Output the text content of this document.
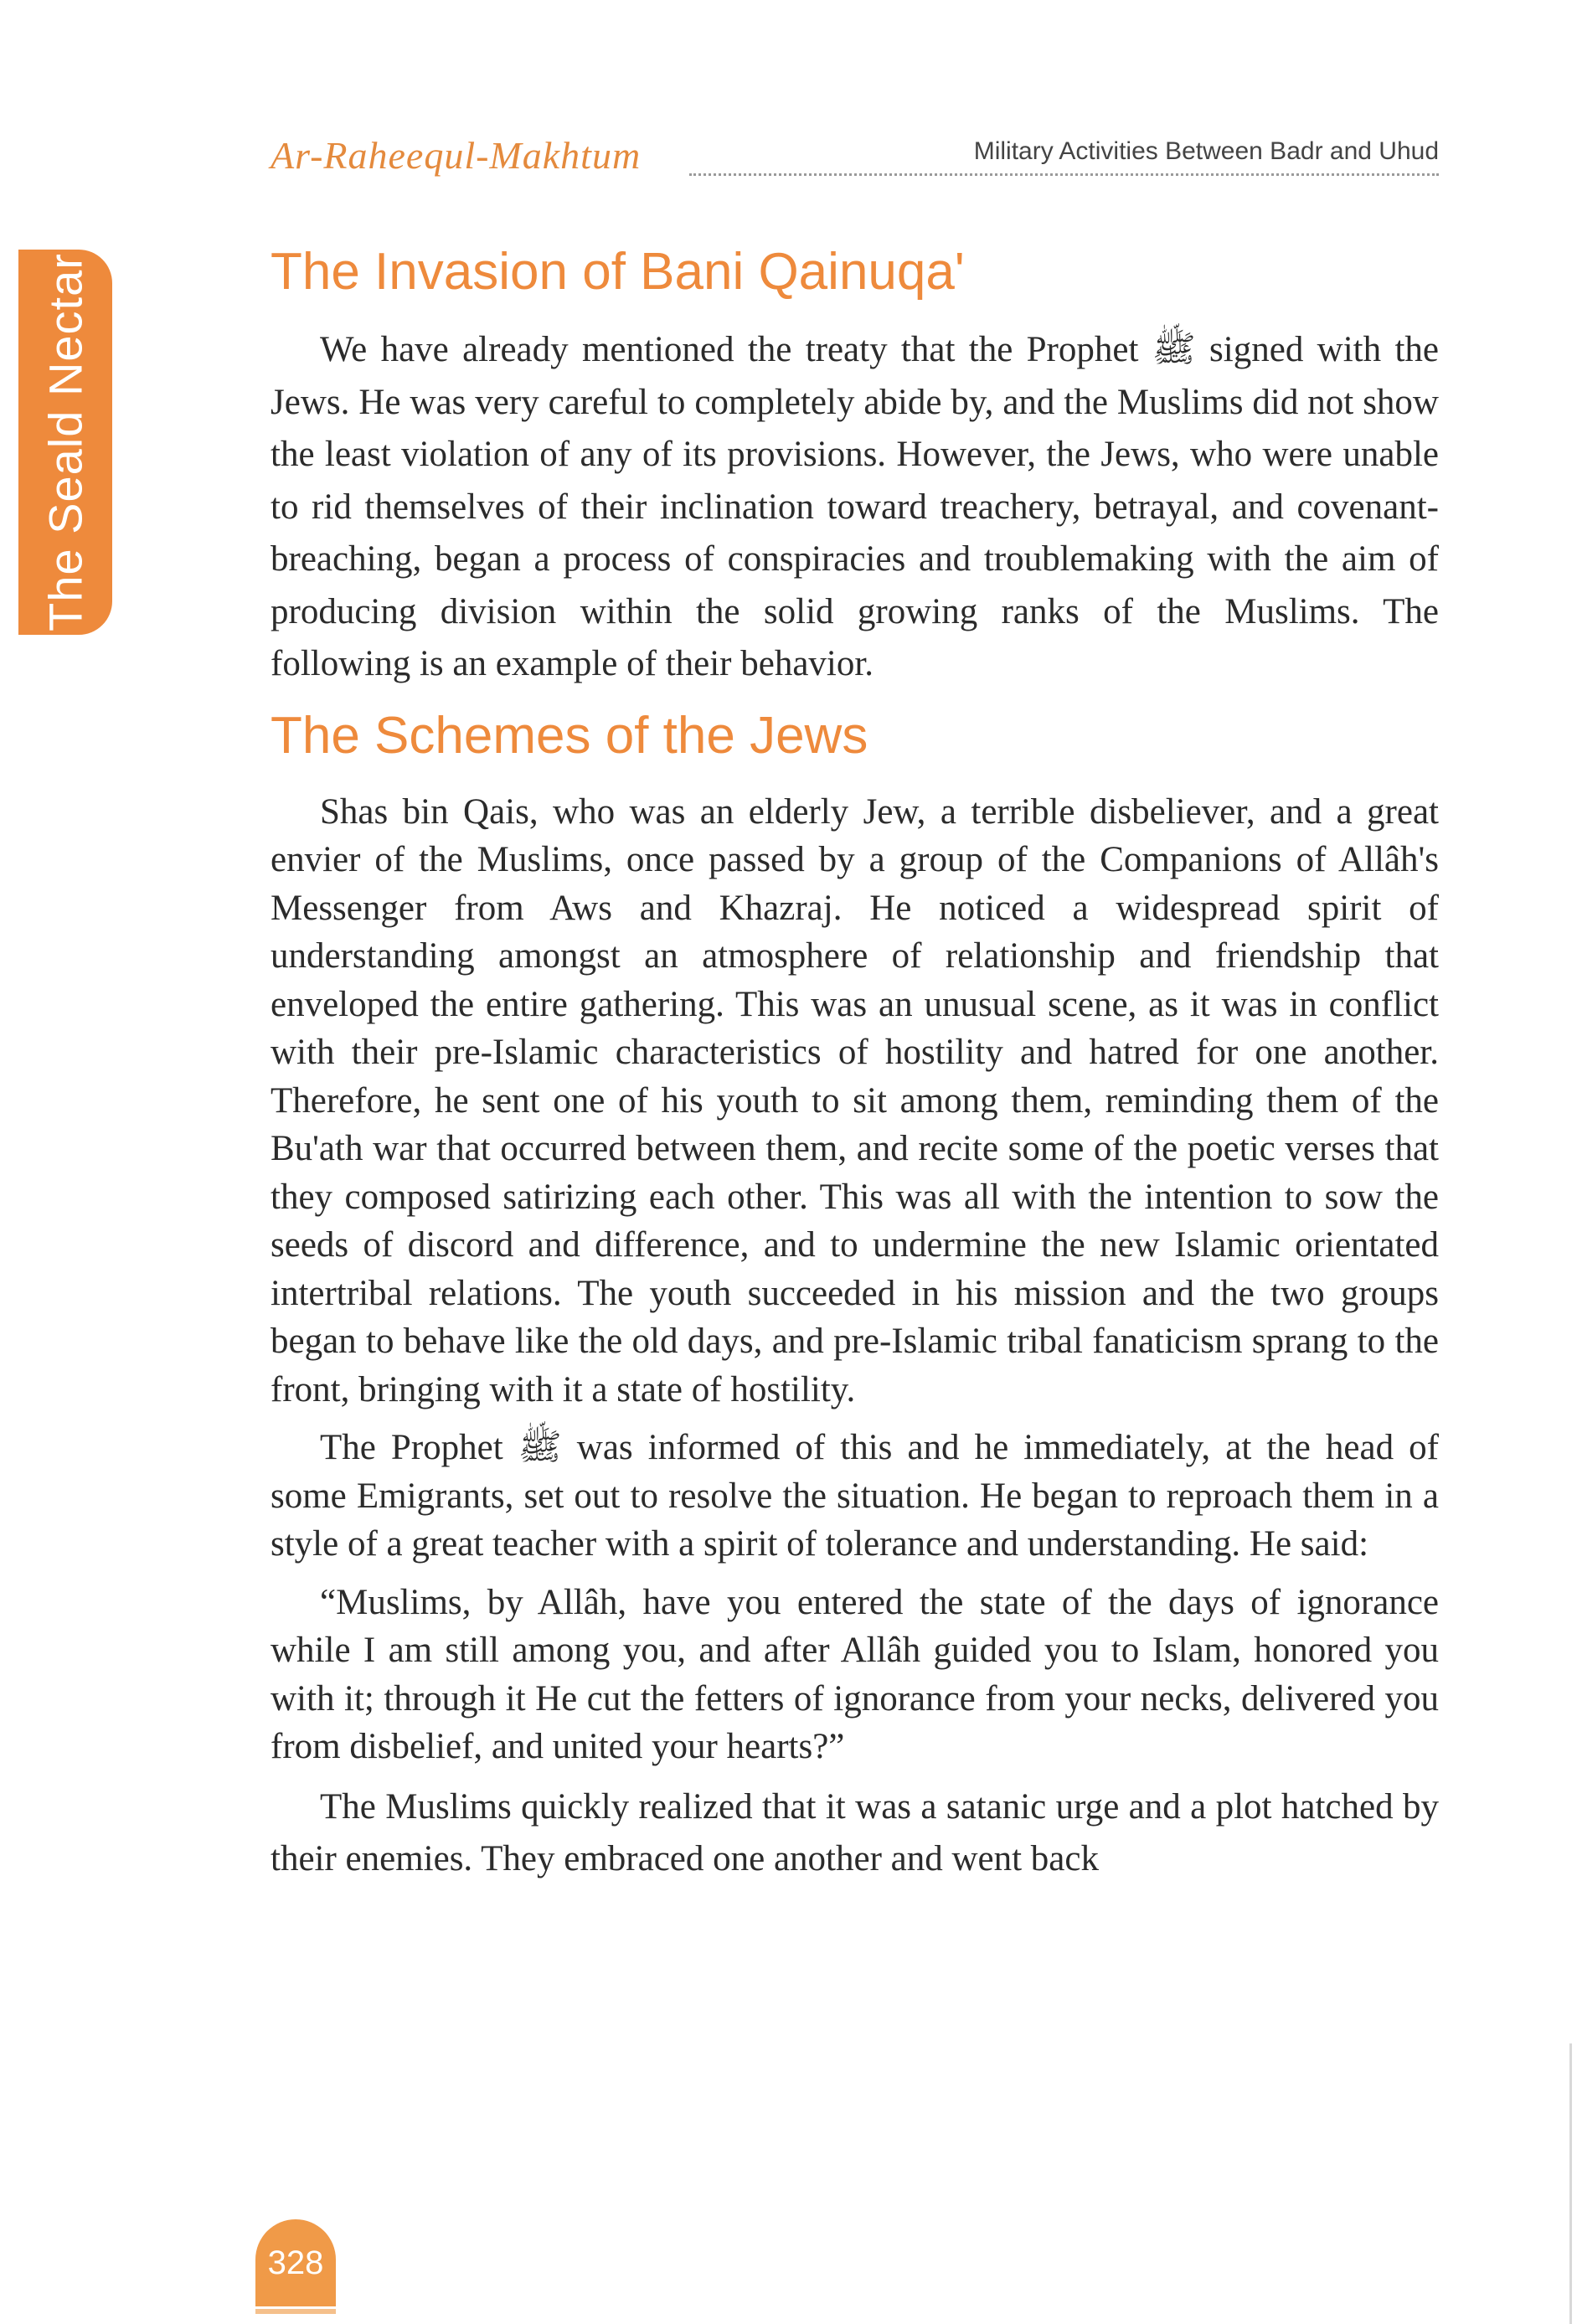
The Seald Nectar
Ar-Raheequl-Makhtum	Military Activities Between Badr and Uhud
The Invasion of Bani Qainuqa'

We have already mentioned the treaty that the Prophet ﷺ signed with the Jews. He was very careful to completely abide by, and the Muslims did not show the least violation of any of its provisions. However, the Jews, who were unable to rid themselves of their inclination toward treachery, betrayal, and covenant-breaching, began a process of conspiracies and troublemaking with the aim of producing division within the solid growing ranks of the Muslims. The following is an example of their behavior.

The Schemes of the Jews

Shas bin Qais, who was an elderly Jew, a terrible disbeliever, and a great envier of the Muslims, once passed by a group of the Companions of Allâh's Messenger from Aws and Khazraj. He noticed a widespread spirit of understanding amongst an atmosphere of relationship and friendship that enveloped the entire gathering. This was an unusual scene, as it was in conflict with their pre-Islamic characteristics of hostility and hatred for one another. Therefore, he sent one of his youth to sit among them, reminding them of the Bu'ath war that occurred between them, and recite some of the poetic verses that they composed satirizing each other. This was all with the intention to sow the seeds of discord and difference, and to undermine the new Islamic orientated intertribal relations. The youth succeeded in his mission and the two groups began to behave like the old days, and pre-Islamic tribal fanaticism sprang to the front, bringing with it a state of hostility.

The Prophet ﷺ was informed of this and he immediately, at the head of some Emigrants, set out to resolve the situation. He began to reproach them in a style of a great teacher with a spirit of tolerance and understanding. He said:

“Muslims, by Allâh, have you entered the state of the days of ignorance while I am still among you, and after Allâh guided you to Islam, honored you with it; through it He cut the fetters of ignorance from your necks, delivered you from disbelief, and united your hearts?”

The Muslims quickly realized that it was a satanic urge and a plot hatched by their enemies. They embraced one another and went back

328
